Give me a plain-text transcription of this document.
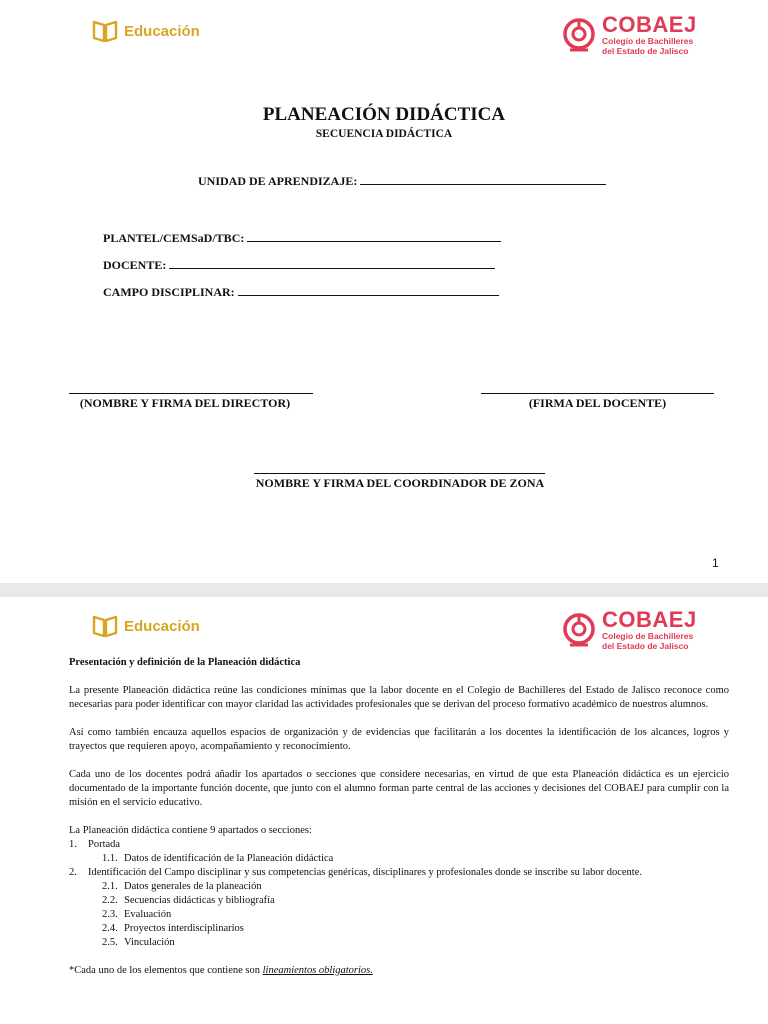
Educación	COBAEJ
Colegio de Bachilleres
del Estado de Jalisco
PLANEACIÓN DIDÁCTICA
SECUENCIA DIDÁCTICA
UNIDAD DE APRENDIZAJE:
PLANTEL/CEMSaD/TBC:
DOCENTE:
CAMPO DISCIPLINAR:
(NOMBRE Y FIRMA DEL DIRECTOR)	(FIRMA DEL DOCENTE)
NOMBRE Y FIRMA DEL COORDINADOR DE ZONA
1
Educación	COBAEJ
Colegio de Bachilleres
del Estado de Jalisco

Presentación y definición de la Planeación didáctica

La presente Planeación didáctica reúne las condiciones mínimas que la labor docente en el Colegio de Bachilleres del Estado de Jalisco reconoce como necesarias para poder identificar con mayor claridad las actividades profesionales que se derivan del proceso formativo académico de nuestros alumnos.

Así como también encauza aquellos espacios de organización y de evidencias que facilitarán a los docentes la identificación de los alcances, logros y trayectos que requieren apoyo, acompañamiento y reconocimiento.

Cada uno de los docentes podrá añadir los apartados o secciones que considere necesarias, en virtud de que esta Planeación didáctica es un ejercicio documentado de la importante función docente, que junto con el alumno forman parte central de las acciones y decisiones del COBAEJ para cumplir con la misión en el servicio educativo.

La Planeación didáctica contiene 9 apartados o secciones:

1.	Portada
1.1. Datos de identificación de la Planeación didáctica
2.	Identificación del Campo disciplinar y sus competencias genéricas, disciplinares y profesionales donde se inscribe su labor docente.
2.1. Datos generales de la planeación
2.2. Secuencias didácticas y bibliografía
2.3. Evaluación
2.4. Proyectos interdisciplinarios
2.5. Vinculación

*Cada uno de los elementos que contiene son lineamientos obligatorios.
